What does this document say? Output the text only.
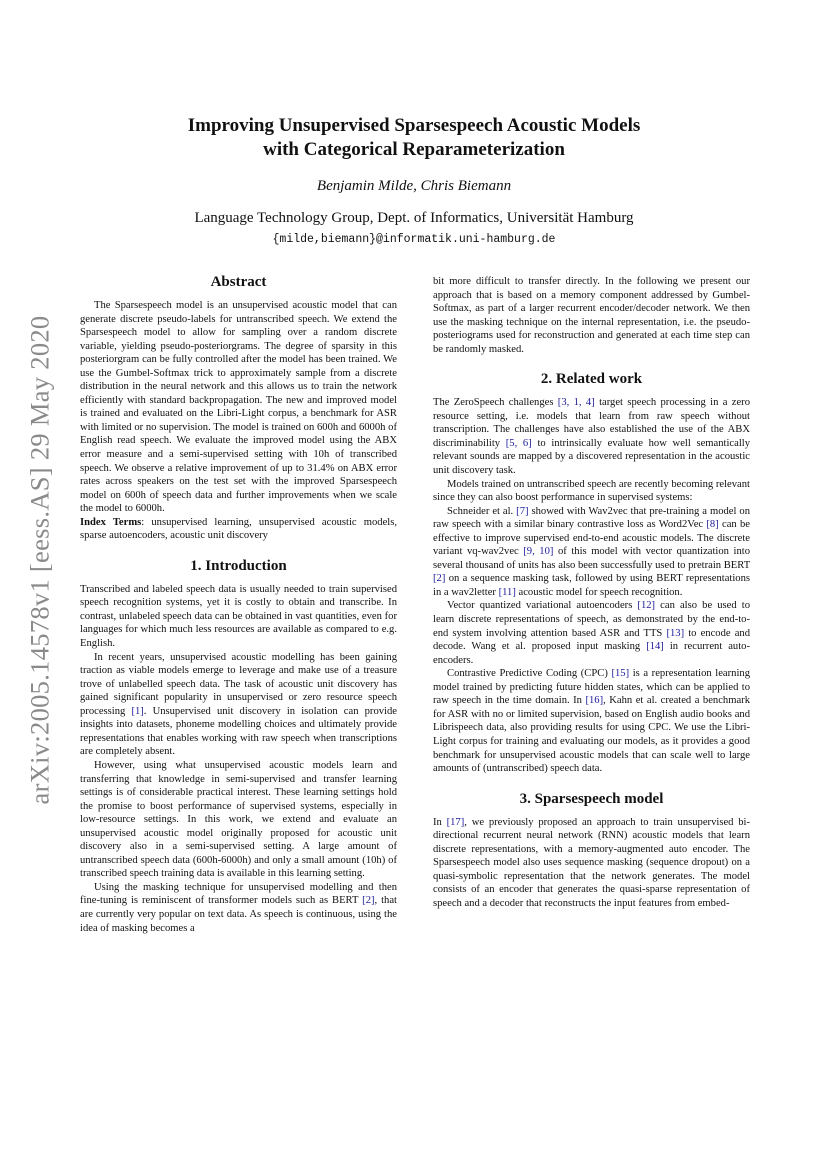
arXiv:2005.14578v1 [eess.AS] 29 May 2020
Improving Unsupervised Sparsespeech Acoustic Models
with Categorical Reparameterization
Benjamin Milde, Chris Biemann
Language Technology Group, Dept. of Informatics, Universität Hamburg
{milde,biemann}@informatik.uni-hamburg.de
Abstract

The Sparsespeech model is an unsupervised acoustic model that can generate discrete pseudo-labels for untranscribed speech. We extend the Sparsespeech model to allow for sampling over a random discrete variable, yielding pseudo-posteriorgrams. The degree of sparsity in this posteriorgram can be fully controlled after the model has been trained. We use the Gumbel-Softmax trick to approximately sample from a discrete distribution in the neural network and this allows us to train the network efficiently with standard backpropagation. The new and improved model is trained and evaluated on the Libri-Light corpus, a benchmark for ASR with limited or no supervision. The model is trained on 600h and 6000h of English read speech. We evaluate the improved model using the ABX error measure and a semi-supervised setting with 10h of transcribed speech. We observe a relative improvement of up to 31.4% on ABX error rates across speakers on the test set with the improved Sparsespeech model on 600h of speech data and further improvements when we scale the model to 6000h.

Index Terms: unsupervised learning, unsupervised acoustic models, sparse autoencoders, acoustic unit discovery

1. Introduction

Transcribed and labeled speech data is usually needed to train supervised speech recognition systems, yet it is costly to obtain and transcribe. In contrast, unlabeled speech data can be obtained in vast quantities, even for languages for which much less resources are available as compared to e.g. English.

In recent years, unsupervised acoustic modelling has been gaining traction as viable models emerge to leverage and make use of a treasure trove of unlabelled speech data. The task of acoustic unit discovery has gained significant popularity in unsupervised or zero resource speech processing [1]. Unsupervised unit discovery in isolation can provide insights into datasets, phoneme modelling choices and ultimately provide representations that enables working with raw speech when transcriptions are completely absent.

However, using what unsupervised acoustic models learn and transferring that knowledge in semi-supervised and transfer learning settings is of considerable practical interest. These learning settings hold the promise to boost performance of supervised systems, especially in low-resource settings. In this work, we extend and evaluate an unsupervised acoustic model originally proposed for acoustic unit discovery also in a semi-supervised setting. A large amount of untranscribed speech data (600h-6000h) and only a small amount (10h) of transcribed speech training data is available in this learning setting.

Using the masking technique for unsupervised modelling and then fine-tuning is reminiscent of transformer models such as BERT [2], that are currently very popular on text data. As speech is continuous, using the idea of masking becomes a

bit more difficult to transfer directly. In the following we present our approach that is based on a memory component addressed by Gumbel-Softmax, as part of a larger recurrent encoder/decoder network. We then use the masking technique on the internal representation, i.e. the pseudo-posteriograms used for reconstruction and generated at each time step can be randomly masked.

2. Related work

The ZeroSpeech challenges [3, 1, 4] target speech processing in a zero resource setting, i.e. models that learn from raw speech without transcription. The challenges have also established the use of the ABX discriminability [5, 6] to intrinsically evaluate how well semantically relevant sounds are mapped by a discovered representation in the acoustic unit discovery task.

Models trained on untranscribed speech are recently becoming relevant since they can also boost performance in supervised systems:

Schneider et al. [7] showed with Wav2vec that pre-training a model on raw speech with a similar binary contrastive loss as Word2Vec [8] can be effective to improve supervised end-to-end acoustic models. The discrete variant vq-wav2vec [9, 10] of this model with vector quantization into several thousand of units has also been successfully used to pretrain BERT [2] on a sequence masking task, followed by using BERT representations in a wav2letter [11] acoustic model for speech recognition.

Vector quantized variational autoencoders [12] can also be used to learn discrete representations of speech, as demonstrated by the end-to-end system involving attention based ASR and TTS [13] to encode and decode. Wang et al. proposed input masking [14] in recurrent auto-encoders.

Contrastive Predictive Coding (CPC) [15] is a representation learning model trained by predicting future hidden states, which can be applied to raw speech in the time domain. In [16], Kahn et al. created a benchmark for ASR with no or limited supervision, based on English audio books and Librispeech data, also providing results for using CPC. We use the Libri-Light corpus for training and evaluating our models, as it provides a good benchmark for unsupervised acoustic models that can scale well to large amounts of (untranscribed) speech data.

3. Sparsespeech model

In [17], we previously proposed an approach to train unsupervised bi-directional recurrent neural network (RNN) acoustic models that learn discrete representations, with a memory-augmented auto encoder. The Sparsespeech model also uses sequence masking (sequence dropout) on a quasi-symbolic representation that the network generates. The model consists of an encoder that generates the quasi-sparse representation of speech and a decoder that reconstructs the input features from embed-
